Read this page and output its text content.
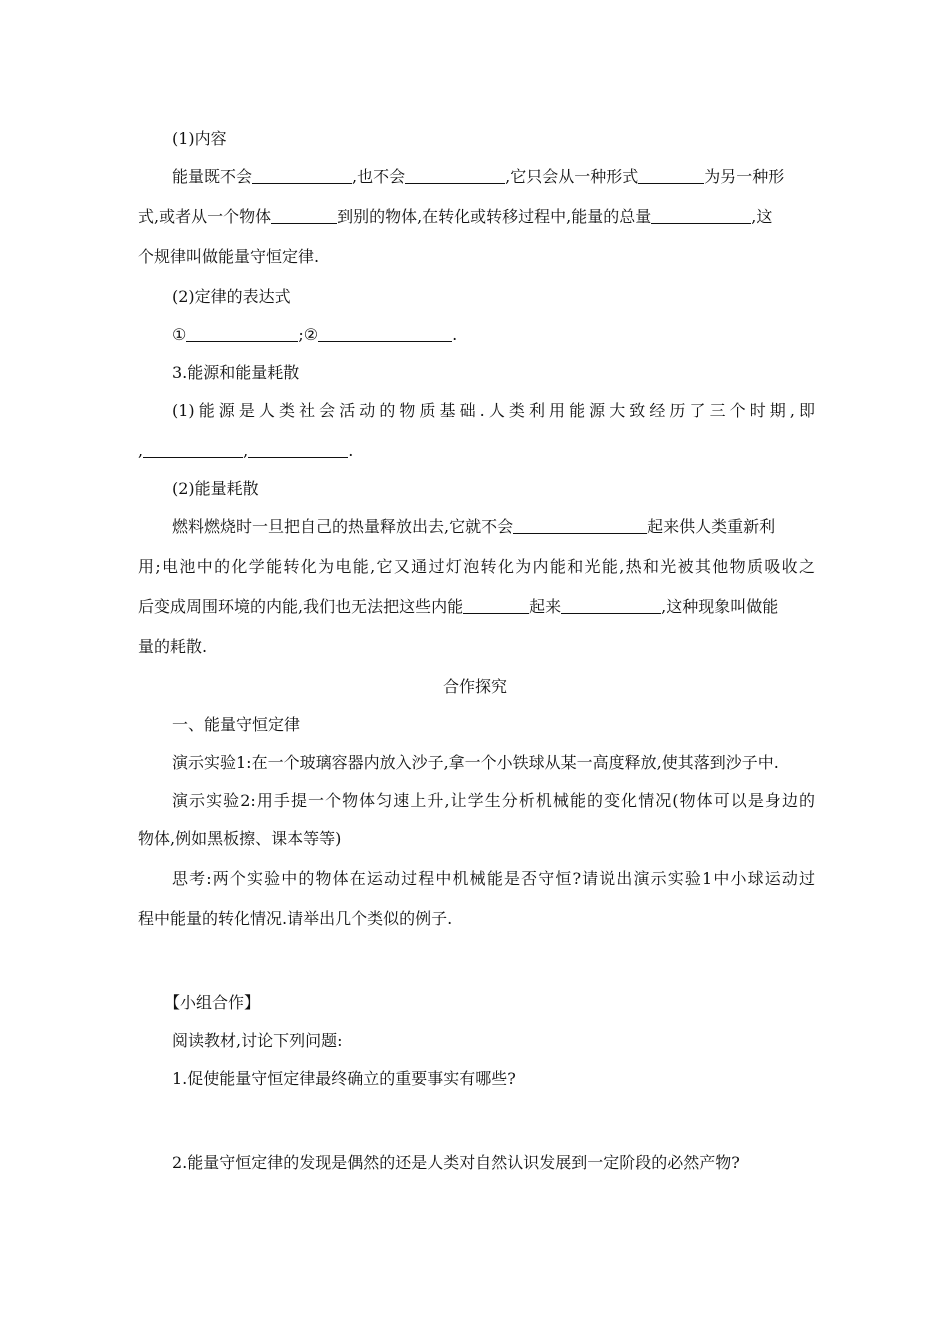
(1)内容
能量既不会	,也不会	,它只会从一种形式	为另一种形
式,或者从一个物体	到别的物体,在转化或转移过程中,能量的总量	,这
个规律叫做能量守恒定律.
(2)定律的表达式
①	;②	.
3.能源和能量耗散
(1)能源是人类社会活动的物质基础.人类利用能源大致经历了三个时期,即
,	,	.
(2)能量耗散
燃料燃烧时一旦把自己的热量释放出去,它就不会	起来供人类重新利
用;电池中的化学能转化为电能,它又通过灯泡转化为内能和光能,热和光被其他物质吸收之
后变成周围环境的内能,我们也无法把这些内能	起来	,这种现象叫做能
量的耗散.
合作探究
一、能量守恒定律
演示实验1:在一个玻璃容器内放入沙子,拿一个小铁球从某一高度释放,使其落到沙子中.
演示实验2:用手提一个物体匀速上升,让学生分析机械能的变化情况(物体可以是身边的
物体,例如黑板擦、课本等等)
思考:两个实验中的物体在运动过程中机械能是否守恒?请说出演示实验1中小球运动过
程中能量的转化情况.请举出几个类似的例子.
【小组合作】
阅读教材,讨论下列问题:
1.促使能量守恒定律最终确立的重要事实有哪些?
2.能量守恒定律的发现是偶然的还是人类对自然认识发展到一定阶段的必然产物?
